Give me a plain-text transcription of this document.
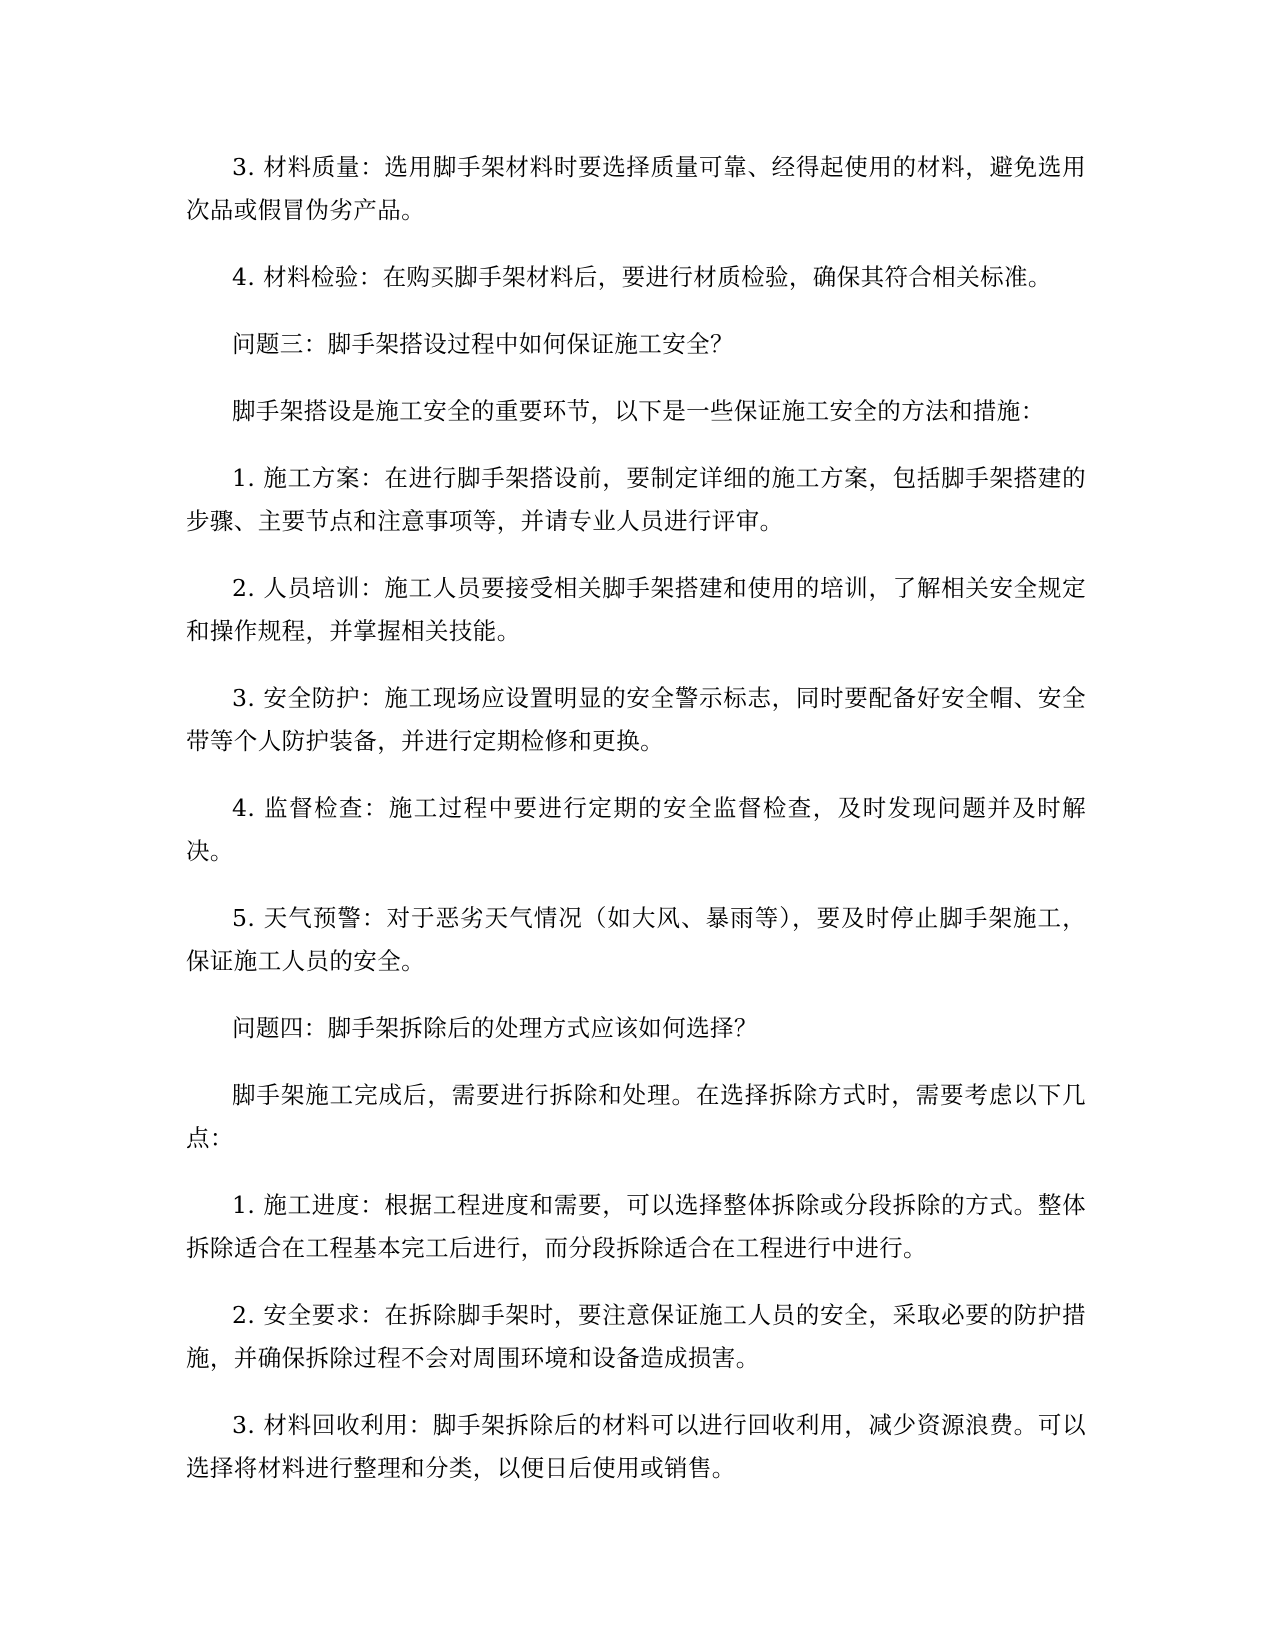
3. 材料质量：选用脚手架材料时要选择质量可靠、经得起使用的材料，避免选用次品或假冒伪劣产品。

4. 材料检验：在购买脚手架材料后，要进行材质检验，确保其符合相关标准。

问题三：脚手架搭设过程中如何保证施工安全？

脚手架搭设是施工安全的重要环节，以下是一些保证施工安全的方法和措施：

1. 施工方案：在进行脚手架搭设前，要制定详细的施工方案，包括脚手架搭建的步骤、主要节点和注意事项等，并请专业人员进行评审。

2. 人员培训：施工人员要接受相关脚手架搭建和使用的培训，了解相关安全规定和操作规程，并掌握相关技能。

3. 安全防护：施工现场应设置明显的安全警示标志，同时要配备好安全帽、安全带等个人防护装备，并进行定期检修和更换。

4. 监督检查：施工过程中要进行定期的安全监督检查，及时发现问题并及时解决。

5. 天气预警：对于恶劣天气情况（如大风、暴雨等），要及时停止脚手架施工，保证施工人员的安全。

问题四：脚手架拆除后的处理方式应该如何选择？

脚手架施工完成后，需要进行拆除和处理。在选择拆除方式时，需要考虑以下几点：

1. 施工进度：根据工程进度和需要，可以选择整体拆除或分段拆除的方式。整体拆除适合在工程基本完工后进行，而分段拆除适合在工程进行中进行。

2. 安全要求：在拆除脚手架时，要注意保证施工人员的安全，采取必要的防护措施，并确保拆除过程不会对周围环境和设备造成损害。

3. 材料回收利用：脚手架拆除后的材料可以进行回收利用，减少资源浪费。可以选择将材料进行整理和分类，以便日后使用或销售。
